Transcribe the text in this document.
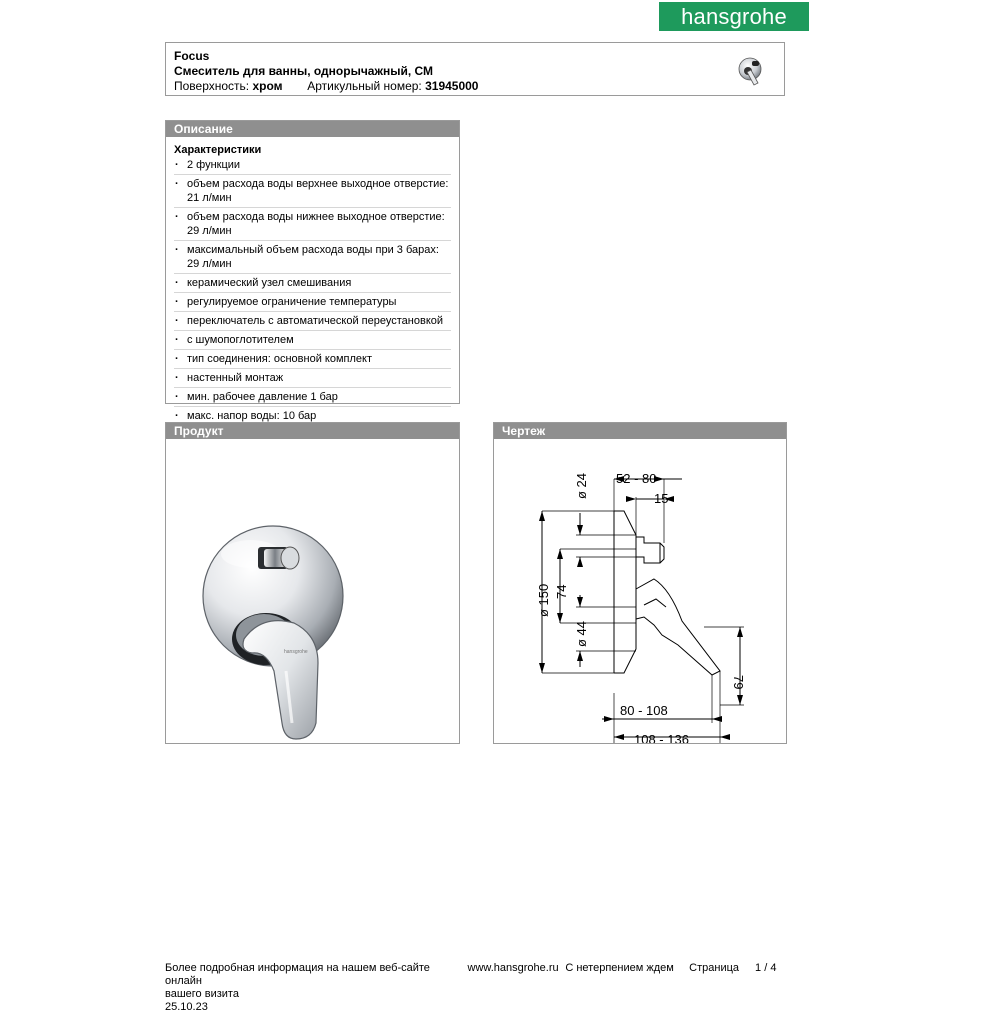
hansgrohe
Focus
Смеситель для ванны, однорычажный, СМ
Поверхность: хром Артикульный номер: 31945000
Описание
Характеристики
· 2 функции
· объем расхода воды верхнее выходное отверстие: 21 л/мин
· объем расхода воды нижнее выходное отверстие: 29 л/мин
· максимальный объем расхода воды при 3 барах: 29 л/мин
· керамический узел смешивания
· регулируемое ограничение температуры
· переключатель с автоматической переустановкой
· с шумопоглотителем
· тип соединения: основной комплект
· настенный монтаж
· мин. рабочее давление 1 бар
· макс. напор воды: 10 бар
Продукт
hansgrohe
Чертеж
52 - 80
15
ø 24
ø 150 74
ø 44
79
80 - 108
108 - 136
Более подробная информация на нашем веб-сайте онлайн
www.hansgrohe.ru С нетерпением ждем	Страница	1 / 4
вашего визита
25.10.23
